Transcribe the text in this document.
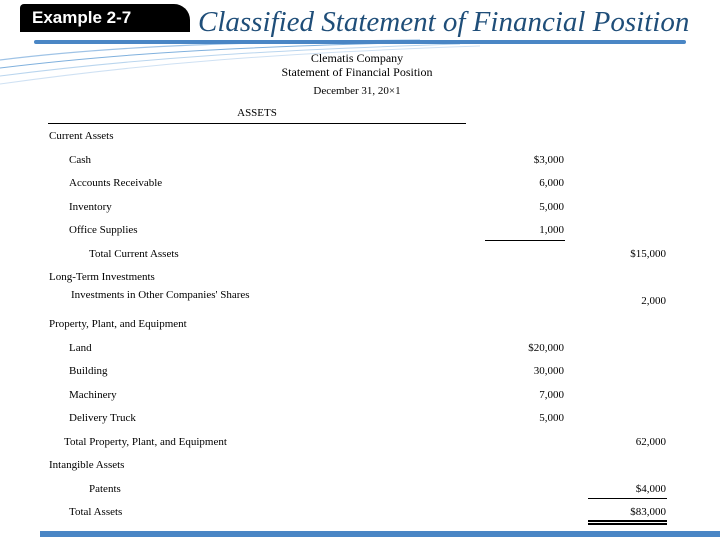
Example 2-7	Classified Statement of Financial Position
Clematis Company
Statement of Financial Position
December 31, 20×1
ASSETS
Current Assets
Cash	$3,000
Accounts Receivable	6,000
Inventory	5,000
Office Supplies	1,000
Total Current Assets	$15,000
Long-Term Investments
Investments in Other Companies' Shares	2,000
Property, Plant, and Equipment
Land	$20,000
Building	30,000
Machinery	7,000
Delivery Truck	5,000
Total Property, Plant, and Equipment	62,000
Intangible Assets
Patents	$4,000
Total Assets	$83,000
